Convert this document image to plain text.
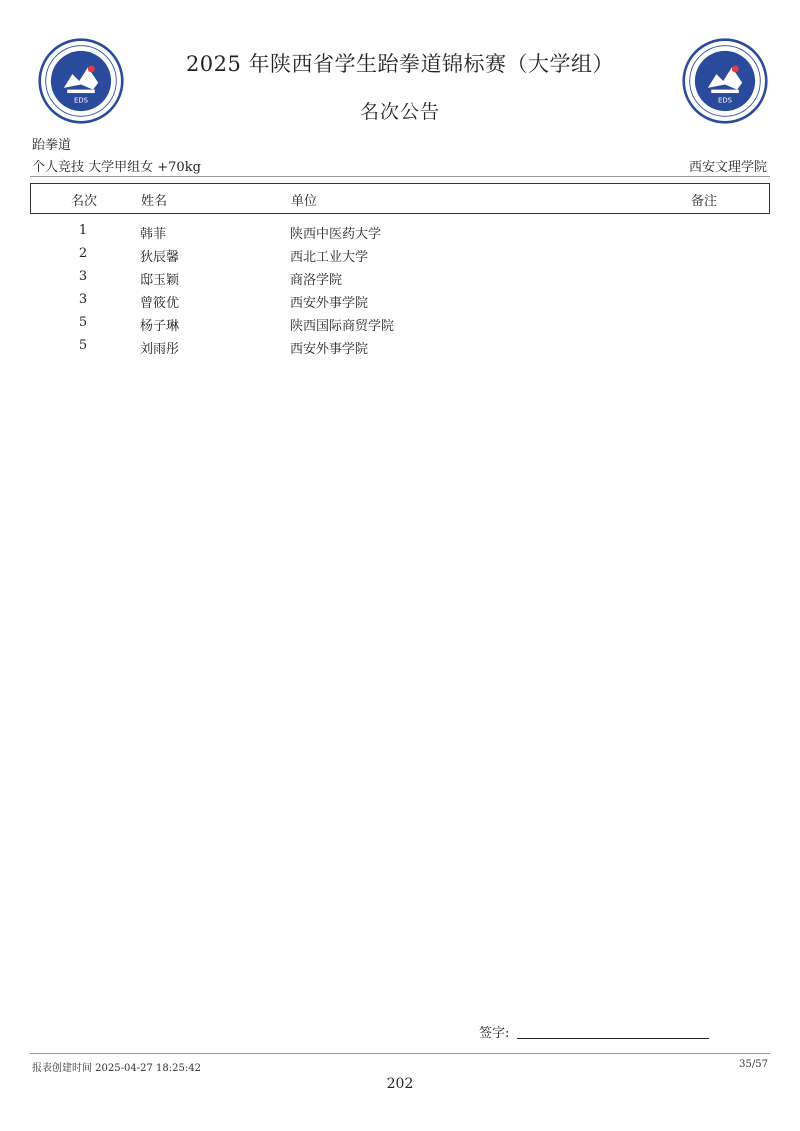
EDS	EDS
2025 年陕西省学生跆拳道锦标赛（大学组）
名次公告
跆拳道
个人竞技 大学甲组女 +70kg	西安文理学院
名次	姓名	单位	备注
1	韩菲	陕西中医药大学
2	狄辰馨	西北工业大学
3	邸玉颖	商洛学院
3	曾筱优	西安外事学院
5	杨子琳	陕西国际商贸学院
5	刘雨彤	西安外事学院
签字:
报表创建时间 2025-04-27 18:25:42	35/57
202
